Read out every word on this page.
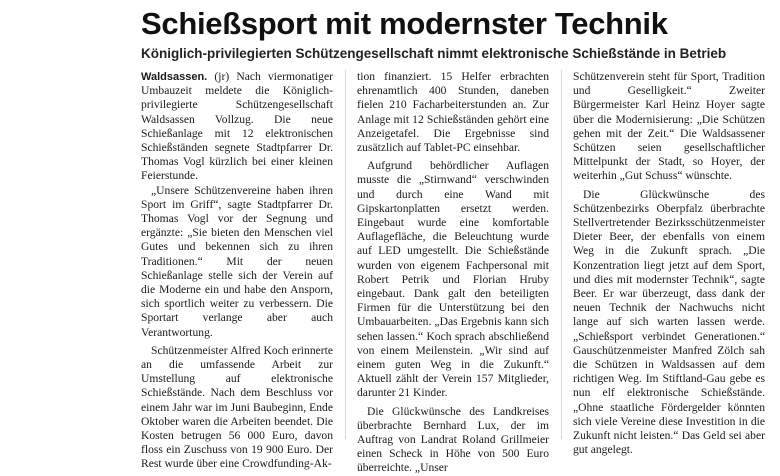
Schießsport mit modernster Technik
Königlich-privilegierten Schützengesellschaft nimmt elektronische Schießstände in Betrieb

Waldsassen. (jr) Nach viermonatiger Umbauzeit meldete die Königlich-privilegierte Schützengesellschaft Waldsassen Vollzug. Die neue Schießanlage mit 12 elektronischen Schießständen segnete Stadtpfarrer Dr. Thomas Vogl kürzlich bei einer kleinen Feierstunde.

„Unsere Schützenvereine haben ihren Sport im Griff“, sagte Stadtpfarrer Dr. Thomas Vogl vor der Segnung und ergänzte: „Sie bieten den Menschen viel Gutes und bekennen sich zu ihren Traditionen.“ Mit der neuen Schießanlage stelle sich der Verein auf die Moderne ein und habe den Ansporn, sich sportlich weiter zu verbessern. Die Sportart verlange aber auch Verantwortung.

Schützenmeister Alfred Koch erinnerte an die umfassende Arbeit zur Umstellung auf elektronische Schießstände. Nach dem Beschluss vor einem Jahr war im Juni Baubeginn, Ende Oktober waren die Arbeiten beendet. Die Kosten betrugen 56 000 Euro, davon floss ein Zuschuss von 19 900 Euro. Der Rest wurde über eine Crowdfunding-Ak-

tion finanziert. 15 Helfer erbrachten ehrenamtlich 400 Stunden, daneben fielen 210 Facharbeiterstunden an. Zur Anlage mit 12 Schießständen gehört eine Anzeigetafel. Die Ergebnisse sind zusätzlich auf Tablet-PC einsehbar.

Aufgrund behördlicher Auflagen musste die „Stirnwand“ verschwinden und durch eine Wand mit Gipskartonplatten ersetzt werden. Eingebaut wurde eine komfortable Auflagefläche, die Beleuchtung wurde auf LED umgestellt. Die Schießstände wurden von eigenem Fachpersonal mit Robert Petrik und Florian Hruby eingebaut. Dank galt den beteiligten Firmen für die Unterstützung bei den Umbauarbeiten. „Das Ergebnis kann sich sehen lassen.“ Koch sprach abschließend von einem Meilenstein. „Wir sind auf einem guten Weg in die Zukunft.“ Aktuell zählt der Verein 157 Mitglieder, darunter 21 Kinder.

Die Glückwünsche des Landkreises überbrachte Bernhard Lux, der im Auftrag von Landrat Roland Grillmeier einen Scheck in Höhe von 500 Euro überreichte. „Unser

Schützenverein steht für Sport, Tradition und Geselligkeit.“ Zweiter Bürgermeister Karl Heinz Hoyer sagte über die Modernisierung: „Die Schützen gehen mit der Zeit.“ Die Waldsassener Schützen seien gesellschaftlicher Mittelpunkt der Stadt, so Hoyer, der weiterhin „Gut Schuss“ wünschte.

Die Glückwünsche des Schützenbezirks Oberpfalz überbrachte Stellvertretender Bezirksschützenmeister Dieter Beer, der ebenfalls von einem Weg in die Zukunft sprach. „Die Konzentration liegt jetzt auf dem Sport, und dies mit modernster Technik“, sagte Beer. Er war überzeugt, dass dank der neuen Technik der Nachwuchs nicht lange auf sich warten lassen werde. „Schießsport verbindet Generationen.“ Gauschützenmeister Manfred Zölch sah die Schützen in Waldsassen auf dem richtigen Weg. Im Stiftland-Gau gebe es nun elf elektronische Schießstände. „Ohne staatliche Fördergelder könnten sich viele Vereine diese Investition in die Zukunft nicht leisten.“ Das Geld sei aber gut angelegt.
